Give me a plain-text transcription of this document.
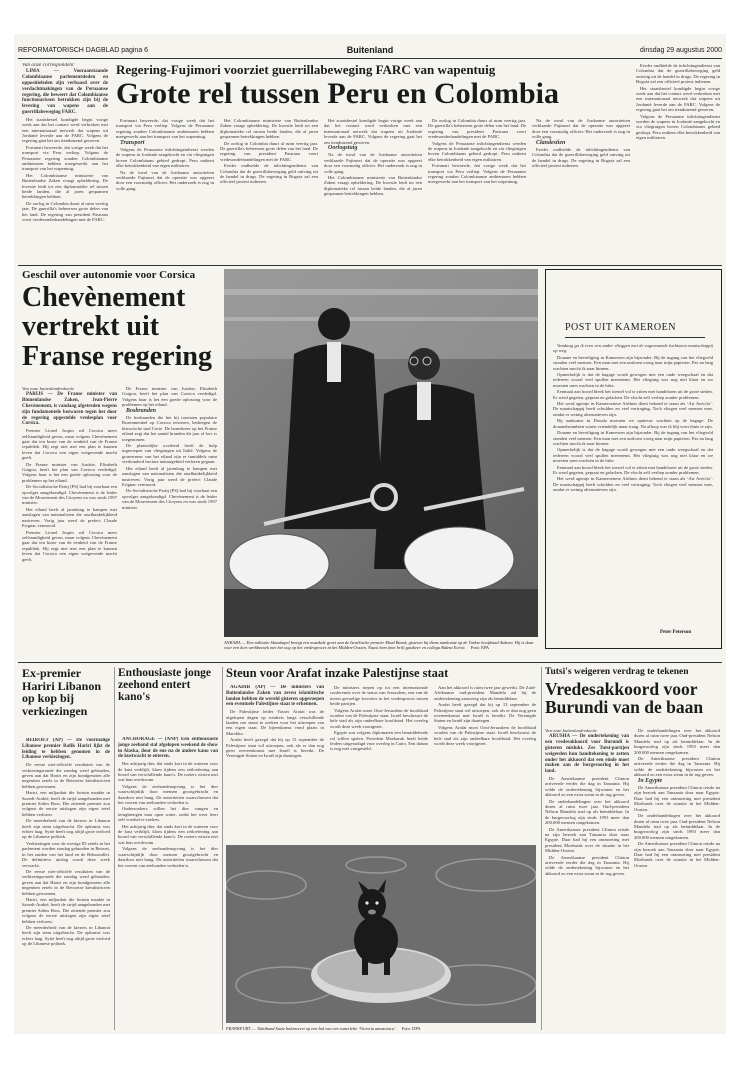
REFORMATORISCH DAGBLAD pagina 6	Buitenland	dinsdag 29 augustus 2000

Van onze correspondent

LIMA — Vooraanstaande Colombiaanse parlementsleden en oppositieleden zijn verbaasd over de verdachtmakingen van de Peruaanse regering, die beweert dat Colombiaanse functionarissen betrokken zijn bij de levering van wapens aan de guerrillabeweging FARC.

Het staatsbestel kondigde begin vorige week aan dat het contact werd verbroken met een internationaal netwerk dat wapens uit Jordanië leverde aan de FARC. Volgens de regering gaat het om tienduizend geweren.

Fortunati beweerde, dat vorige week dat het transport via Peru verliep. Volgens de Peruaanse regering zouden Colombiaanse ambtenaren hebben meegewerkt aan het transport van het wapentuig.

Het Colombiaanse ministerie van Buitenlandse Zaken vraagt opheldering. De kwestie leidt tot een diplomatieke rel tussen beide landen, die al jaren gespannen betrekkingen hebben.

De oorlog in Colombia duurt al ruim veertig jaar. De guerrilla's beheersen grote delen van het land. De regering van president Pastrana voert vredesonderhandelingen met de FARC.

Regering-Fujimori voorziet guerrillabeweging FARC van wapentuig
Grote rel tussen Peru en Colombia

Fortunati beweerde, dat vorige week dat het transport via Peru verliep. Volgens de Peruaanse regering zouden Colombiaanse ambtenaren hebben meegewerkt aan het transport van het wapentuig.

Transport

Volgens de Peruaanse inlichtingendienst werden de wapens in Jordanië aangekocht en via vliegtuigen boven Colombiaans gebied gedropt. Peru ontkent elke betrokkenheid van eigen militairen.

Na de inval van de Jordaanse autoriteiten verklaarde Fujimori dat de operatie was opgezet door een voormalig officier. Het onderzoek is nog in volle gang.

Het Colombiaanse ministerie van Buitenlandse Zaken vraagt opheldering. De kwestie leidt tot een diplomatieke rel tussen beide landen, die al jaren gespannen betrekkingen hebben.

De oorlog in Colombia duurt al ruim veertig jaar. De guerrilla's beheersen grote delen van het land. De regering van president Pastrana voert vredesonderhandelingen met de FARC.

Eerder ondhielde de inlichtingendienst van Colombia dat de guerrillabeweging geld ontving uit de handel in drugs. De regering in Bogota zal een officieel protest indienen.

Het staatsbestel kondigde begin vorige week aan dat het contact werd verbroken met een internationaal netwerk dat wapens uit Jordanië leverde aan de FARC. Volgens de regering gaat het om tienduizend geweren.

Oorlogstuig

Na de inval van de Jordaanse autoriteiten verklaarde Fujimori dat de operatie was opgezet door een voormalig officier. Het onderzoek is nog in volle gang.

Het Colombiaanse ministerie van Buitenlandse Zaken vraagt opheldering. De kwestie leidt tot een diplomatieke rel tussen beide landen, die al jaren gespannen betrekkingen hebben.

De oorlog in Colombia duurt al ruim veertig jaar. De guerrilla's beheersen grote delen van het land. De regering van president Pastrana voert vredesonderhandelingen met de FARC.

Volgens de Peruaanse inlichtingendienst werden de wapens in Jordanië aangekocht en via vliegtuigen boven Colombiaans gebied gedropt. Peru ontkent elke betrokkenheid van eigen militairen.

Fortunati beweerde, dat vorige week dat het transport via Peru verliep. Volgens de Peruaanse regering zouden Colombiaanse ambtenaren hebben meegewerkt aan het transport van het wapentuig.

Na de inval van de Jordaanse autoriteiten verklaarde Fujimori dat de operatie was opgezet door een voormalig officier. Het onderzoek is nog in volle gang.

Clandestien

Eerder ondhielde de inlichtingendienst van Colombia dat de guerrillabeweging geld ontving uit de handel in drugs. De regering in Bogota zal een officieel protest indienen.

Eerder ondhielde de inlichtingendienst van Colombia dat de guerrillabeweging geld ontving uit de handel in drugs. De regering in Bogota zal een officieel protest indienen.

Het staatsbestel kondigde begin vorige week aan dat het contact werd verbroken met een internationaal netwerk dat wapens uit Jordanië leverde aan de FARC. Volgens de regering gaat het om tienduizend geweren.

Volgens de Peruaanse inlichtingendienst werden de wapens in Jordanië aangekocht en via vliegtuigen boven Colombiaans gebied gedropt. Peru ontkent elke betrokkenheid van eigen militairen.

Geschil over autonomie voor Corsica
Chevènement vertrekt uit Franse regering

Van onze buitenlandredactie

PARIJS — De Franse minister van Binnenlandse Zaken, Jean-Pierre Chevènement, is vandaag afgetreden wegens zijn fundamentele bezwaren tegen het door de regering opgestelde vredesplan voor Corsica.

Premier Lionel Jospin wil Corsica meer zelfstandigheid geven, maar volgens Chevènement gaat dat ten koste van de eenheid van de Franse republiek. Hij zegt niet met een plan te kunnen leven dat Corsica een eigen wetgevende macht geeft.

De Franse minister van Justitie, Elisabeth Guigou, heeft het plan van Corsica verdedigd. Volgens haar is het een goede oplossing voor de problemen op het eiland.

De Socialistische Partij (PS) had bij voorbaat een opvolger aangekondigd. Chevènement is de leider van de Mouvement des Citoyens en was sinds 1997 minister.

Het eiland heeft al jarenlang te kampen met aanslagen van nationalisten die onafhankelijkheid nastreven. Vorig jaar werd de prefect Claude Erignac vermoord.

Premier Lionel Jospin wil Corsica meer zelfstandigheid geven, maar volgens Chevènement gaat dat ten koste van de eenheid van de Franse republiek. Hij zegt niet met een plan te kunnen leven dat Corsica een eigen wetgevende macht geeft.

De Franse minister van Justitie, Elisabeth Guigou, heeft het plan van Corsica verdedigd. Volgens haar is het een goede oplossing voor de problemen op het eiland.

Bosbranden

De bosbranden die het bij toeristen populaire Rozenmeubel op Corsica teisteren, bedreigen de historische stad Corte. De brandweer op het Franse eiland zegt dat het aantal branden dit jaar al fors is toegenomen.

De plaatselijke overheid heeft de hulp ingeroepen van vliegtuigen uit Italië. Volgens de gouverneur van het eiland zijn er inmiddels ruim vierhonderd hectare natuurgebied verloren gegaan.

Het eiland heeft al jarenlang te kampen met aanslagen van nationalisten die onafhankelijkheid nastreven. Vorig jaar werd de prefect Claude Erignac vermoord.

De Socialistische Partij (PS) had bij voorbaat een opvolger aangekondigd. Chevènement is de leider van de Mouvement des Citoyens en was sinds 1997 minister.

ANKARA — Een militaire blaaskapel brengt een muzikale groet aan de Israëlische premier Ehud Barak, gisteren bij diens aankomst op de Turkse hoofdstad Ankara. Hij is daar voor een kort werkbezoek met het oog op het vredesproces in het Midden-Oosten. Naast hem (met bril) gastheer en collega Bulent Ecevit. Foto: EPA
POST UIT KAMEROEN

Vandaag ga ik even een ander vlieggen met de zogenaamde lachtaxen maatschappij op weg.

Douane en beveiliging in Kameroen zijn bijzonder. Bij de ingang van het vliegveld stonden veel mensen. Een man met een uniform vroeg naar mijn papieren. Pas na lang wachten mocht ik naar binnen.

Opmerkelijk is dat de bagage wordt gewogen met een oude weegschaal en dat iedereen vooral veel spullen meeneemt. Het vliegtuig was nog niet klaar en we moesten uren wachten in de hitte.

Eenmaal aan boord bleek het toestel vol te zitten met handelaren uit de grote steden. Er werd gegeten, gepraat en gelachen. De vlucht zelf verliep zonder problemen.

Het werd agentje in Kameroenese Airlines dient bekend te staan als ‘Air Avecfoi’. De maatschappij heeft schulden en veel vertraging. Toch vliegen veel mensen mee, omdat er weinig alternatieven zijn.

Bij aankomst in Douala moesten we opnieuw wachten op de bagage. De douanebeambten waren vriendelijk maar traag. Na afloop was ik blij weer thuis te zijn.

Douane en beveiliging in Kameroen zijn bijzonder. Bij de ingang van het vliegveld stonden veel mensen. Een man met een uniform vroeg naar mijn papieren. Pas na lang wachten mocht ik naar binnen.

Opmerkelijk is dat de bagage wordt gewogen met een oude weegschaal en dat iedereen vooral veel spullen meeneemt. Het vliegtuig was nog niet klaar en we moesten uren wachten in de hitte.

Eenmaal aan boord bleek het toestel vol te zitten met handelaren uit de grote steden. Er werd gegeten, gepraat en gelachen. De vlucht zelf verliep zonder problemen.

Het werd agentje in Kameroenese Airlines dient bekend te staan als ‘Air Avecfoi’. De maatschappij heeft schulden en veel vertraging. Toch vliegen veel mensen mee, omdat er weinig alternatieven zijn.

Peter Peterson
Ex-premier Hariri Libanon op kop bij verkiezingen

BEIROET (AP) — De voormalige Libanese premier Rafik Hariri lijkt de leiding te hebben genomen in de Libanese verkiezingen.

De eerste niet-officiële resultaten van de verkiezingsronde die zondag werd gehouden, geven aan dat Hariri en zijn bondgenoten alle negentien zetels in de Beiroetse kiesdistricten hebben gewonnen.

Hariri, een miljardair die fortuin maakte in Saoedi-Arabië, heeft de strijd aangebonden met premier Salim Hoss. Die zittende premier zou volgens de eerste uitslagen zijn eigen zetel hebben verloren.

De meerderheid van de kiezers in Libanon heeft zijn stem uitgebracht. De opkomst was echter laag. Syrië heeft nog altijd grote invloed op de Libanese politiek.

Verkiezingen voor de overige 85 zetels in het parlement worden zondag gehouden in Beiroet, in het zuiden van het land en de Bekaavallei. De definitieve uitslag wordt deze week verwacht.

De eerste niet-officiële resultaten van de verkiezingsronde die zondag werd gehouden, geven aan dat Hariri en zijn bondgenoten alle negentien zetels in de Beiroetse kiesdistricten hebben gewonnen.

Hariri, een miljardair die fortuin maakte in Saoedi-Arabië, heeft de strijd aangebonden met premier Salim Hoss. Die zittende premier zou volgens de eerste uitslagen zijn eigen zetel hebben verloren.

De meerderheid van de kiezers in Libanon heeft zijn stem uitgebracht. De opkomst was echter laag. Syrië heeft nog altijd grote invloed op de Libanese politiek.

Enthousiaste jonge zeehond entert kano's

ANCHORAGE — (ANP) Een enthousiaste jonge zeehond stal afgelopen weekend de show in Alaska, door de ene na de andere kano van de kustwacht te enteren.

Het achtjarig dier, dat sinds kort in de wateren voor de kust verblijft, klom tijdens een zeiloefening aan boord van verschillende kano's. De roeiers wisten niet wat hun overkwam.

Volgens de zeehondenopvang is het dier waarschijnlijk door mensen grootgebracht en daardoor niet bang. De autoriteiten waarschuwen dat het voeren van zeehonden verboden is.

Onderzoekers willen het dier vangen en terugbrengen naar open water, zodat het weer leert zelf voedsel te zoeken.

Het achtjarig dier, dat sinds kort in de wateren voor de kust verblijft, klom tijdens een zeiloefening aan boord van verschillende kano's. De roeiers wisten niet wat hun overkwam.

Volgens de zeehondenopvang is het dier waarschijnlijk door mensen grootgebracht en daardoor niet bang. De autoriteiten waarschuwen dat het voeren van zeehonden verboden is.

Steun voor Arafat inzake Palestijnse staat

AGADIR (AP) — De ministers van Buitenlandse Zaken van zeven islamitische landen hebben de wereld gisteren opgeroepen een eventuele Palestijnse staat te erkennen.

De Palestijnse leider Yasser Arafat was de afgelopen dagen op rondreis langs verschillende landen om steun te zoeken voor het uitroepen van een eigen staat. De bijeenkomst vond plaats in Marokko.

Arafat heeft gezegd dat hij op 13 september de Palestijnse staat wil uitroepen, ook als er dan nog geen overeenkomst met Israël is bereikt. De Verenigde Staten en Israël zijn daartegen.

De ministers riepen op tot een internationale conferentie over de status van Jeruzalem, een van de meest gevoelige kwesties in het vredesproces tussen beide partijen.

Volgens Arafat moet Oost-Jeruzalem de hoofdstad worden van de Palestijnse staat. Israël beschouwt de hele stad als zijn ondeelbare hoofdstad. Het overleg wordt deze week voortgezet.

Egypte zou volgens diplomaten een bemiddelende rol willen spelen. President Moebarak heeft beide leiders uitgenodigd voor overleg in Caïro. Een datum is nog niet vastgesteld.

Aan het akkoord is ruim twee jaar gewerkt. De Zuid-Afrikaanse oud-president Mandela zal bij de ondertekening aanwezig zijn als bemiddelaar.

Arafat heeft gezegd dat hij op 13 september de Palestijnse staat wil uitroepen, ook als er dan nog geen overeenkomst met Israël is bereikt. De Verenigde Staten en Israël zijn daartegen.

Volgens Arafat moet Oost-Jeruzalem de hoofdstad worden van de Palestijnse staat. Israël beschouwt de hele stad als zijn ondeelbare hoofdstad. Het overleg wordt deze week voortgezet.

FRANKFURT — Tuktiband Suzie balanceert op een bal van een waterlelie ‘Victoria amazonica’. Foto: DPA
Tutsi's weigeren verdrag te tekenen
Vredesakkoord voor Burundi van de baan

Van onze buitenlandredactie

ARUSHA — De ondertekening van een vredesakkoord voor Burundi is gisteren mislukt. Zes Tutsi-partijen weigerden hun handtekening te zetten onder het akkoord dat een einde moet maken aan de burgeroorlog in het land.

De Amerikaanse president Clinton arriveerde eerder die dag in Tanzania. Hij wilde de ondertekening bijwonen en het akkoord zo een extra steun in de rug geven.

De onderhandelingen over het akkoord duren al ruim twee jaar. Oud-president Nelson Mandela trad op als bemiddelaar. In de burgeroorlog zijn sinds 1993 meer dan 200.000 mensen omgekomen.

De Amerikaanse president Clinton reisde na zijn bezoek aan Tanzania door naar Egypte. Daar had hij een ontmoeting met president Moebarak over de situatie in het Midden-Oosten.

De Amerikaanse president Clinton arriveerde eerder die dag in Tanzania. Hij wilde de ondertekening bijwonen en het akkoord zo een extra steun in de rug geven.

De onderhandelingen over het akkoord duren al ruim twee jaar. Oud-president Nelson Mandela trad op als bemiddelaar. In de burgeroorlog zijn sinds 1993 meer dan 200.000 mensen omgekomen.

De Amerikaanse president Clinton arriveerde eerder die dag in Tanzania. Hij wilde de ondertekening bijwonen en het akkoord zo een extra steun in de rug geven.

In Egypte

De Amerikaanse president Clinton reisde na zijn bezoek aan Tanzania door naar Egypte. Daar had hij een ontmoeting met president Moebarak over de situatie in het Midden-Oosten.

De onderhandelingen over het akkoord duren al ruim twee jaar. Oud-president Nelson Mandela trad op als bemiddelaar. In de burgeroorlog zijn sinds 1993 meer dan 200.000 mensen omgekomen.

De Amerikaanse president Clinton reisde na zijn bezoek aan Tanzania door naar Egypte. Daar had hij een ontmoeting met president Moebarak over de situatie in het Midden-Oosten.
